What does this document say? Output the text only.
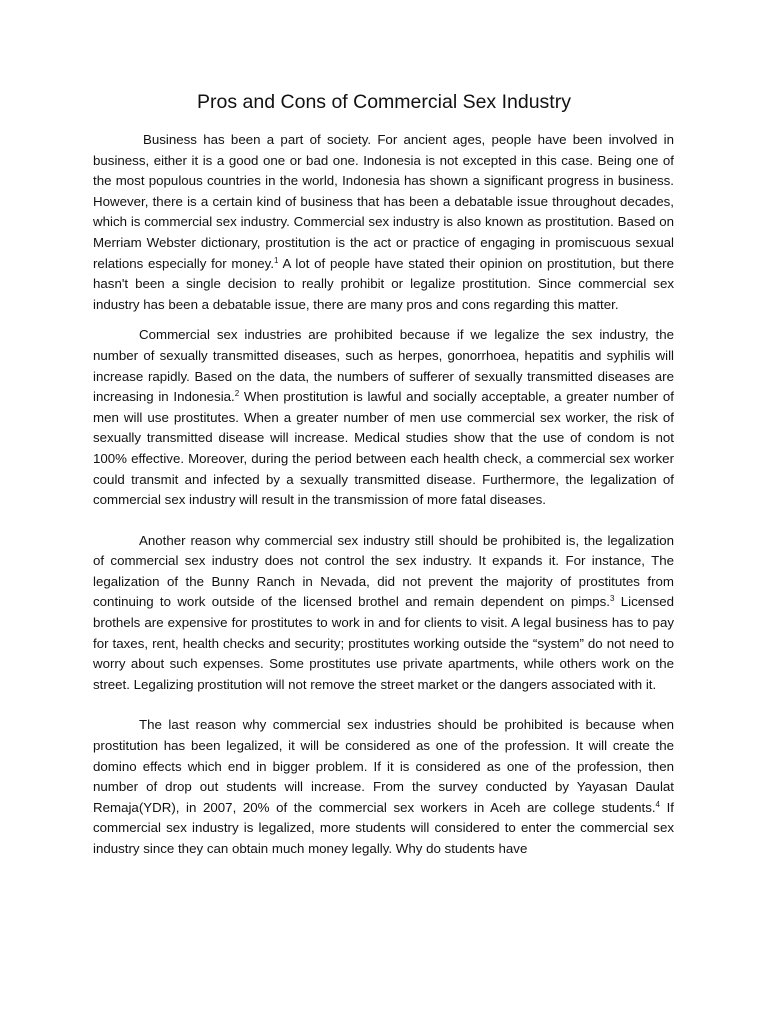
Pros and Cons of Commercial Sex Industry

Business has been a part of society. For ancient ages, people have been involved in business, either it is a good one or bad one. Indonesia is not excepted in this case. Being one of the most populous countries in the world, Indonesia has shown a significant progress in business. However, there is a certain kind of business that has been a debatable issue throughout decades, which is commercial sex industry. Commercial sex industry is also known as prostitution. Based on Merriam Webster dictionary, prostitution is the act or practice of engaging in promiscuous sexual relations especially for money.$^1$ A lot of people have stated their opinion on prostitution, but there hasn't been a single decision to really prohibit or legalize prostitution. Since commercial sex industry has been a debatable issue, there are many pros and cons regarding this matter.

Commercial sex industries are prohibited because if we legalize the sex industry, the number of sexually transmitted diseases, such as herpes, gonorrhoea, hepatitis and syphilis will increase rapidly. Based on the data, the numbers of sufferer of sexually transmitted diseases are increasing in Indonesia.$^2$ When prostitution is lawful and socially acceptable, a greater number of men will use prostitutes. When a greater number of men use commercial sex worker, the risk of sexually transmitted disease will increase. Medical studies show that the use of condom is not 100% effective. Moreover, during the period between each health check, a commercial sex worker could transmit and infected by a sexually transmitted disease. Furthermore, the legalization of commercial sex industry will result in the transmission of more fatal diseases.

Another reason why commercial sex industry still should be prohibited is, the legalization of commercial sex industry does not control the sex industry. It expands it. For instance, The legalization of the Bunny Ranch in Nevada, did not prevent the majority of prostitutes from continuing to work outside of the licensed brothel and remain dependent on pimps.$^3$ Licensed brothels are expensive for prostitutes to work in and for clients to visit. A legal business has to pay for taxes, rent, health checks and security; prostitutes working outside the “system” do not need to worry about such expenses. Some prostitutes use private apartments, while others work on the street. Legalizing prostitution will not remove the street market or the dangers associated with it.

The last reason why commercial sex industries should be prohibited is because when prostitution has been legalized, it will be considered as one of the profession. It will create the domino effects which end in bigger problem. If it is considered as one of the profession, then number of drop out students will increase. From the survey conducted by Yayasan Daulat Remaja(YDR), in 2007, 20% of the commercial sex workers in Aceh are college students.$^4$ If commercial sex industry is legalized, more students will considered to enter the commercial sex industry since they can obtain much money legally. Why do students have
